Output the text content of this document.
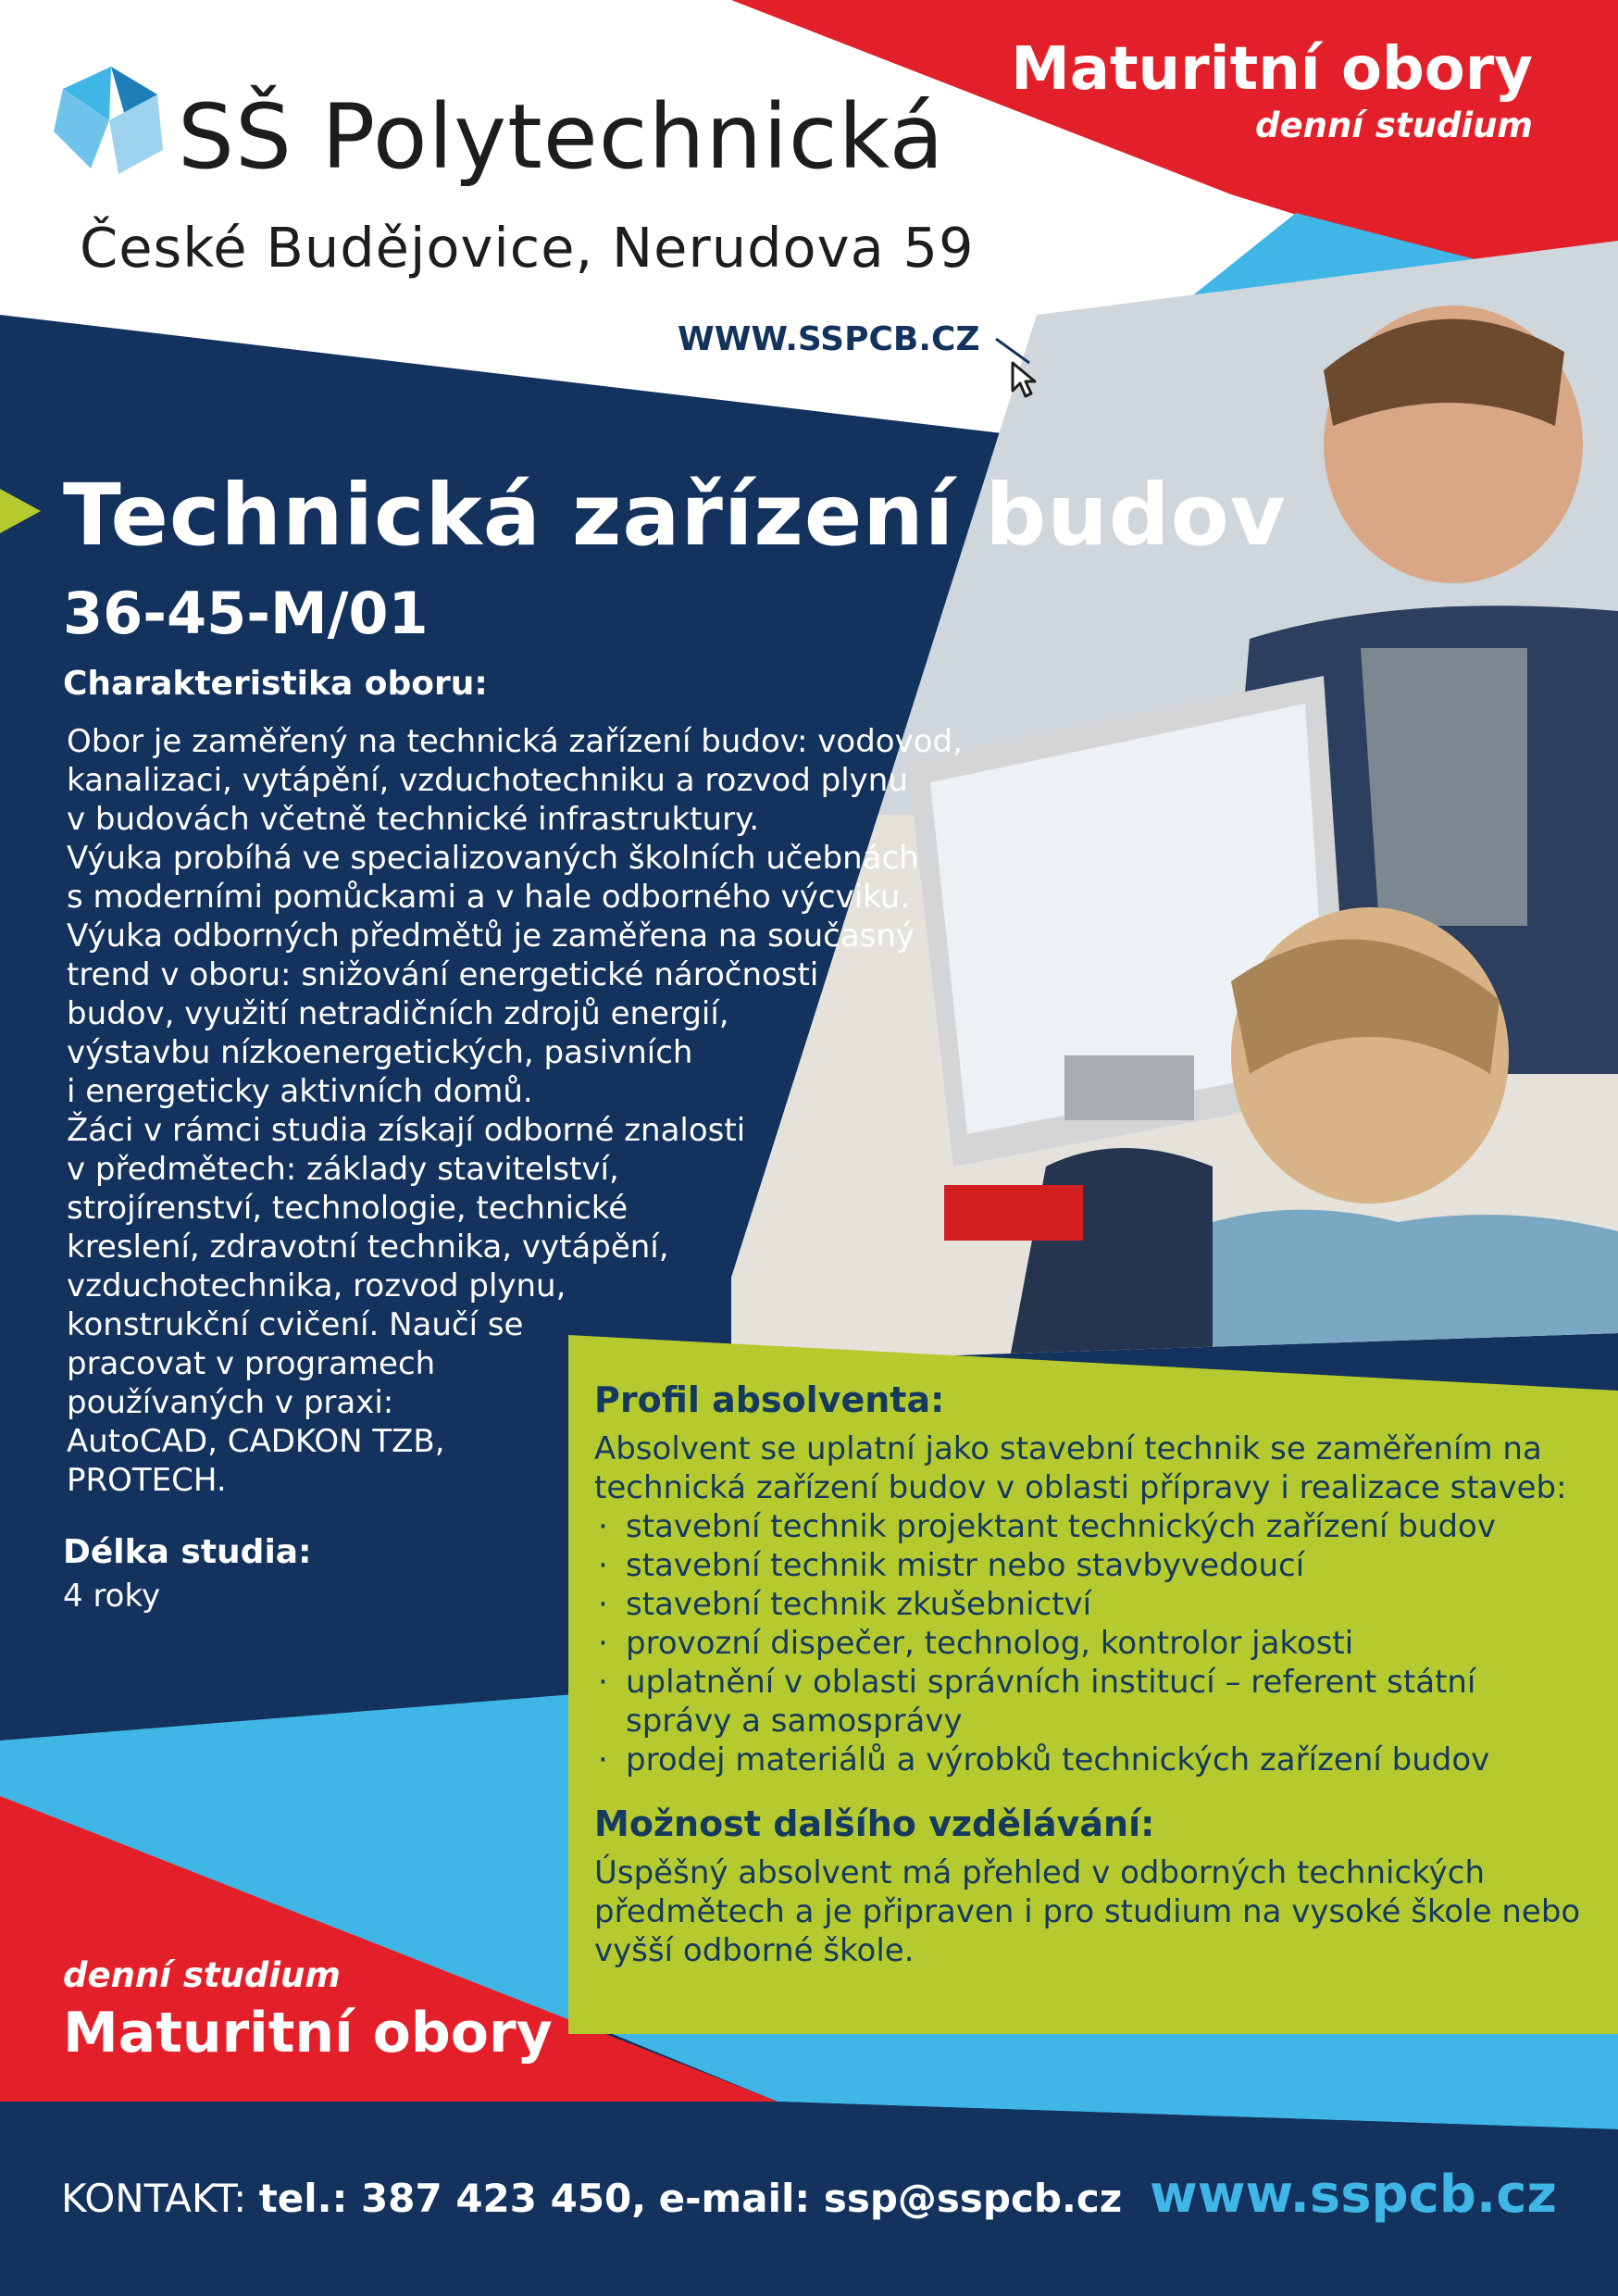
SŠ Polytechnická
České Budějovice, Nerudova 59
WWW.SSPCB.CZ
Maturitní obory
denní studium
Technická zařízení budov
36-45-M/01
Charakteristika oboru:

Obor je zaměřený na technická zařízení budov: vodovod,
kanalizaci, vytápění, vzduchotechniku a rozvod plynu
v budovách včetně technické infrastruktury.
Výuka probíhá ve specializovaných školních učebnách
s moderními pomůckami a v hale odborného výcviku.
Výuka odborných předmětů je zaměřena na současný
trend v oboru: snižování energetické náročnosti
budov, využití netradičních zdrojů energií,
výstavbu nízkoenergetických, pasivních
i energeticky aktivních domů.
Žáci v rámci studia získají odborné znalosti
v předmětech: základy stavitelství,
strojírenství, technologie, technické
kreslení, zdravotní technika, vytápění,
vzduchotechnika, rozvod plynu,
konstrukční cvičení. Naučí se
pracovat v programech
používaných v praxi:
AutoCAD, CADKON TZB,
PROTECH.

Délka studia:
4 roky
Profil absolventa:

Absolvent se uplatní jako stavební technik se zaměřením na

technická zařízení budov v oblasti přípravy i realizace staveb:

· stavební technik projektant technických zařízení budov
· stavební technik mistr nebo stavbyvedoucí
· stavební technik zkušebnictví
· provozní dispečer, technolog, kontrolor jakosti
· uplatnění v oblasti správních institucí – referent státní
správy a samosprávy
· prodej materiálů a výrobků technických zařízení budov
Možnost dalšího vzdělávání:

Úspěšný absolvent má přehled v odborných technických

předmětech a je připraven i pro studium na vysoké škole nebo

vyšší odborné škole.

denní studium
Maturitní obory
KONTAKT: tel.: 387 423 450, e-mail: ssp@sspcb.cz www.sspcb.cz
